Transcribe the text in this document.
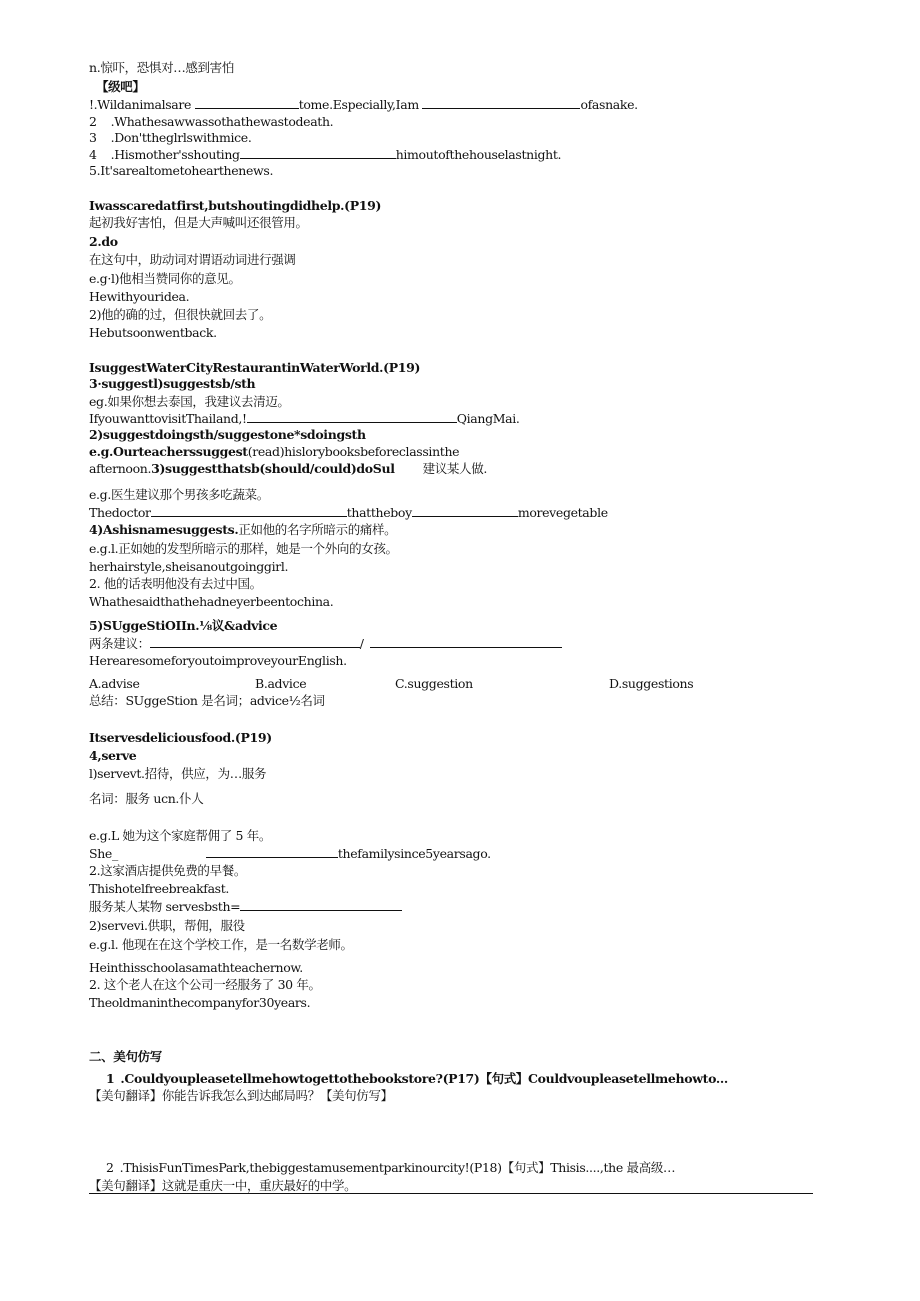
n.惊吓，恐惧对…感到害怕
【级吧】
!.Wildanimalsare	tome.Especially,Iam	ofasnake.
2 .Whathesawwassothathewastodeath.
3 .Don'ttheglrlswithmice.
4 .Hismother'sshouting	himoutofthehouselastnight.
5.It'sarealtometohearthenews.
Iwasscaredatfirst,butshoutingdidhelp.(P19)
起初我好害怕，但是大声喊叫还很管用。
2.do
在这句中，助动词对谓语动词进行强调
e.g·l)他相当赞同你的意见。
Hewithyouridea.
2)他的确的过，但很快就回去了。
Hebutsoonwentback.
IsuggestWaterCityRestaurantinWaterWorld.(P19)
3·suggestl)suggestsb/sth
eg.如果你想去泰国，我建议去清迈。
IfyouwanttovisitThailand,!	QiangMai.
2)suggestdoingsth/suggestone*sdoingsth
e.g.Ourteacherssuggest(read)hislorybooksbeforeclassinthe
afternoon.3)suggestthatsb(should/could)doSul 建议某人做.
e.g.医生建议那个男孩多吃蔬菜。
Thedoctor	thattheboy	morevegetable
4)Ashisnamesuggests.正如他的名字所暗示的痛样。
e.g.l.正如她的发型所暗示的那样，她是一个外向的女孩。
herhairstyle,sheisanoutgoinggirl.
2. 他的话表明他没有去过中国。
Whathesaidthathehadneyerbeentochina.
5)SUggeStiOIIn.⅛议&advice
两条建议：	/
HerearesomeforyoutoimproveyourEnglish.
A.advise	B.advice	C.suggestion	D.suggestions
总结：SUggeStion 是名词；advice½名词
Itservesdeliciousfood.(P19)
4,serve
l)servevt.招待，供应，为…服务
名词：服务 ucn.仆人
e.g.L 她为这个家庭帮佣了 5 年。
She_	thefamilysince5yearsago.
2.这家酒店提供免费的早餐。
Thishotelfreebreakfast.
服务某人某物 servesbsth=
2)servevi.供职，帮佣，服役
e.g.l. 他现在在这个学校工作，是一名数学老师。
Heinthisschoolasamathteachernow.
2. 这个老人在这个公司一经服务了 30 年。
Theoldmaninthecompanyfor30years.
二、美句仿写
1 .Couldyoupleasetellmehowtogettothebookstore?(P17)【句式】Couldvoupleasetellmehowto...
【美句翻译】你能告诉我怎么到达邮局吗？【美句仿写】
2 .ThisisFunTimesPark,thebiggestamusementparkinourcity!(P18)【句式】Thisis....,the 最高级…
【美句翻译】这就是重庆一中，重庆最好的中学。
